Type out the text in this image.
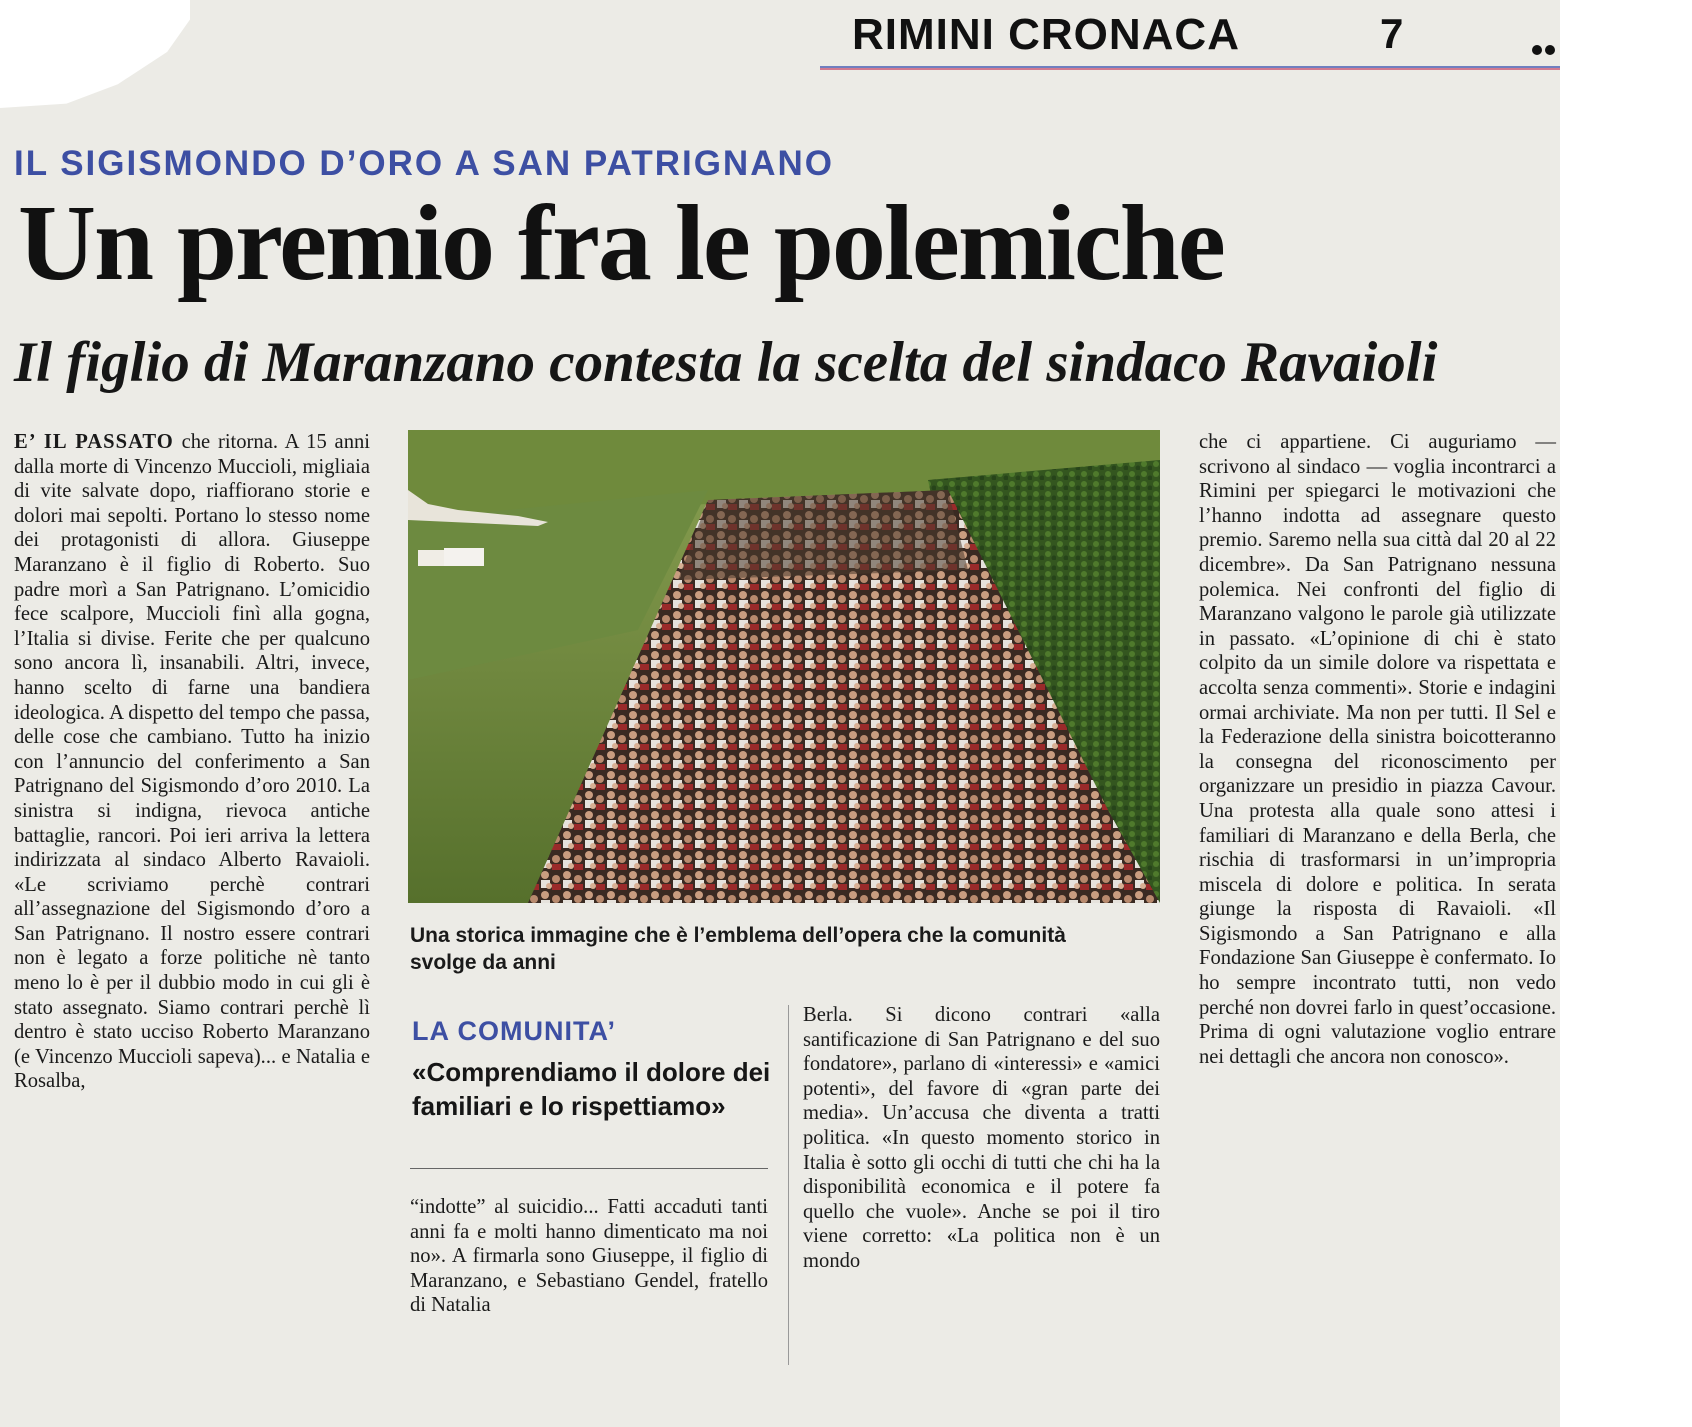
RIMINI CRONACA	7
IL SIGISMONDO D’ORO A SAN PATRIGNANO
Un premio fra le polemiche
Il figlio di Maranzano contesta la scelta del sindaco Ravaioli

E’ IL PASSATO che ritorna. A 15 anni dalla morte di Vincenzo Muccioli, migliaia di vite salvate dopo, riaffiorano storie e dolori mai sepolti. Portano lo stesso nome dei protagonisti di allora. Giuseppe Maranzano è il figlio di Roberto. Suo padre morì a San Patrignano. L’omicidio fece scalpore, Muccioli finì alla gogna, l’Italia si divise. Ferite che per qualcuno sono ancora lì, insanabili. Altri, invece, hanno scelto di farne una bandiera ideologica. A dispetto del tempo che passa, delle cose che cambiano. Tutto ha inizio con l’annuncio del conferimento a San Patrignano del Sigismondo d’oro 2010. La sinistra si indigna, rievoca antiche battaglie, rancori. Poi ieri arriva la lettera indirizzata al sindaco Alberto Ravaioli. «Le scriviamo perchè contrari all’assegnazione del Sigismondo d’oro a San Patrignano. Il nostro essere contrari non è legato a forze politiche nè tanto meno lo è per il dubbio modo in cui gli è stato assegnato. Siamo contrari perchè lì dentro è stato ucciso Roberto Maranzano (e Vincenzo Muccioli sapeva)... e Natalia e Rosalba,

Una storica immagine che è l’emblema dell’opera che la comunità svolge da anni

LA COMUNITA’

«Comprendiamo il dolore dei familiari e lo rispettiamo»

“indotte” al suicidio... Fatti accaduti tanti anni fa e molti hanno dimenticato ma noi no». A firmarla sono Giuseppe, il figlio di Maranzano, e Sebastiano Gendel, fratello di Natalia

Berla. Si dicono contrari «alla santificazione di San Patrignano e del suo fondatore», parlano di «interessi» e «amici potenti», del favore di «gran parte dei media». Un’accusa che diventa a tratti politica. «In questo momento storico in Italia è sotto gli occhi di tutti che chi ha la disponibilità economica e il potere fa quello che vuole». Anche se poi il tiro viene corretto: «La politica non è un mondo

che ci appartiene. Ci auguriamo — scrivono al sindaco — voglia incontrarci a Rimini per spiegarci le motivazioni che l’hanno indotta ad assegnare questo premio. Saremo nella sua città dal 20 al 22 dicembre». Da San Patrignano nessuna polemica. Nei confronti del figlio di Maranzano valgono le parole già utilizzate in passato. «L’opinione di chi è stato colpito da un simile dolore va rispettata e accolta senza commenti». Storie e indagini ormai archiviate. Ma non per tutti. Il Sel e la Federazione della sinistra boicotteranno la consegna del riconoscimento per organizzare un presidio in piazza Cavour. Una protesta alla quale sono attesi i familiari di Maranzano e della Berla, che rischia di trasformarsi in un’impropria miscela di dolore e politica. In serata giunge la risposta di Ravaioli. «Il Sigismondo a San Patrignano e alla Fondazione San Giuseppe è confermato. Io ho sempre incontrato tutti, non vedo perché non dovrei farlo in quest’occasione. Prima di ogni valutazione voglio entrare nei dettagli che ancora non conosco».
